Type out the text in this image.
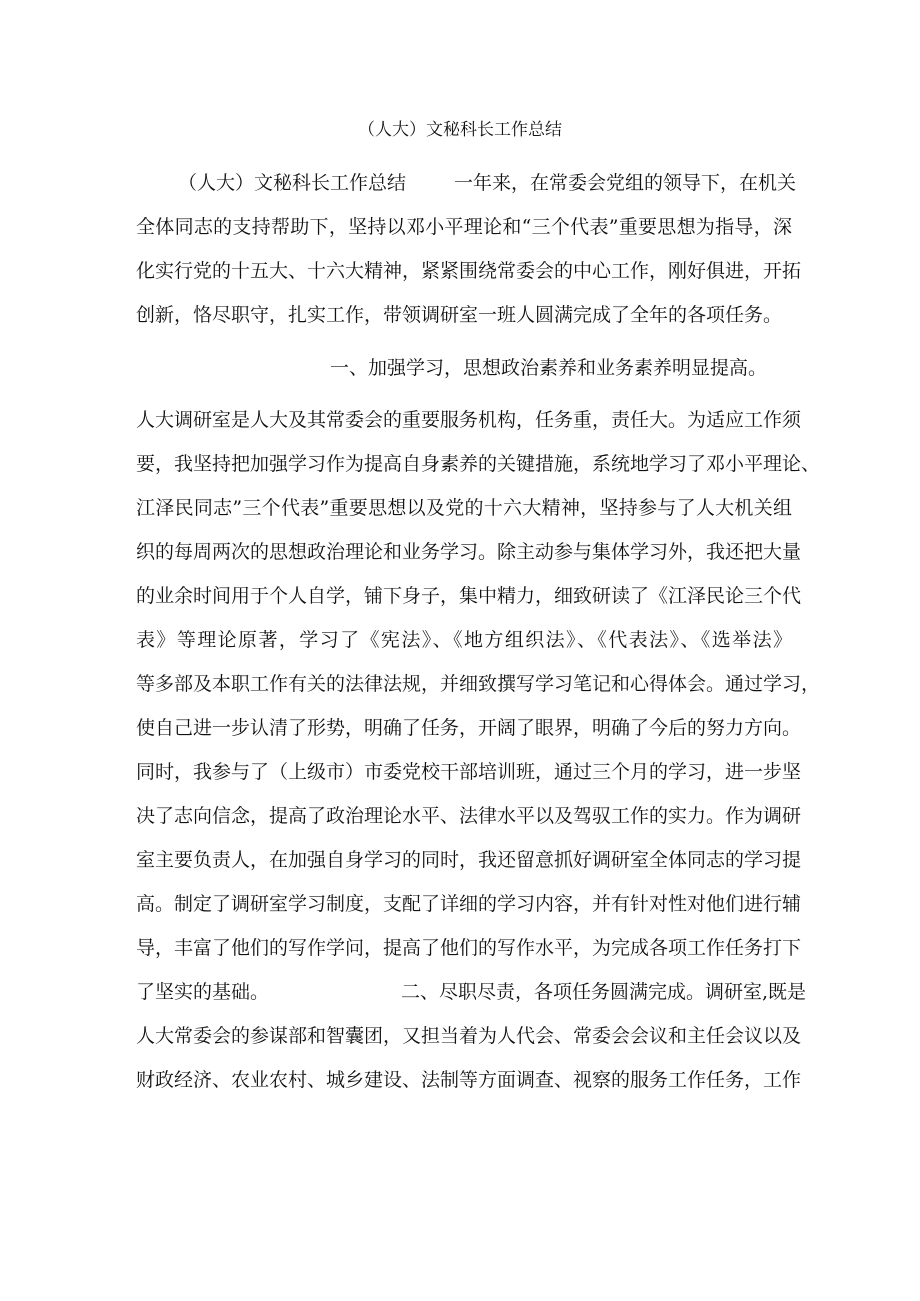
（人大）文秘科长工作总结
（人大）文秘科长工作总结	一年来，在常委会党组的领导下，在机关
全体同志的支持帮助下，坚持以邓小平理论和“三个代表”重要思想为指导，深
化实行党的十五大、十六大精神，紧紧围绕常委会的中心工作，刚好俱进，开拓
创新，恪尽职守，扎实工作，带领调研室一班人圆满完成了全年的各项任务。
一、加强学习，思想政治素养和业务素养明显提高。
人大调研室是人大及其常委会的重要服务机构，任务重，责任大。为适应工作须
要，我坚持把加强学习作为提高自身素养的关键措施，系统地学习了邓小平理论、
江泽民同志”三个代表”重要思想以及党的十六大精神，坚持参与了人大机关组
织的每周两次的思想政治理论和业务学习。除主动参与集体学习外，我还把大量
的业余时间用于个人自学，铺下身子，集中精力，细致研读了《江泽民论三个代
表》等理论原著，学习了《宪法》、《地方组织法》、《代表法》、《选举法》
等多部及本职工作有关的法律法规，并细致撰写学习笔记和心得体会。通过学习，
使自己进一步认清了形势，明确了任务，开阔了眼界，明确了今后的努力方向。
同时，我参与了（上级市）市委党校干部培训班，通过三个月的学习，进一步坚
决了志向信念，提高了政治理论水平、法律水平以及驾驭工作的实力。作为调研
室主要负责人，在加强自身学习的同时，我还留意抓好调研室全体同志的学习提
高。制定了调研室学习制度，支配了详细的学习内容，并有针对性对他们进行辅
导，丰富了他们的写作学问，提高了他们的写作水平，为完成各项工作任务打下
了坚实的基础。	二、尽职尽责，各项任务圆满完成。调研室,既是
人大常委会的参谋部和智囊团，又担当着为人代会、常委会会议和主任会议以及
财政经济、农业农村、城乡建设、法制等方面调查、视察的服务工作任务，工作
